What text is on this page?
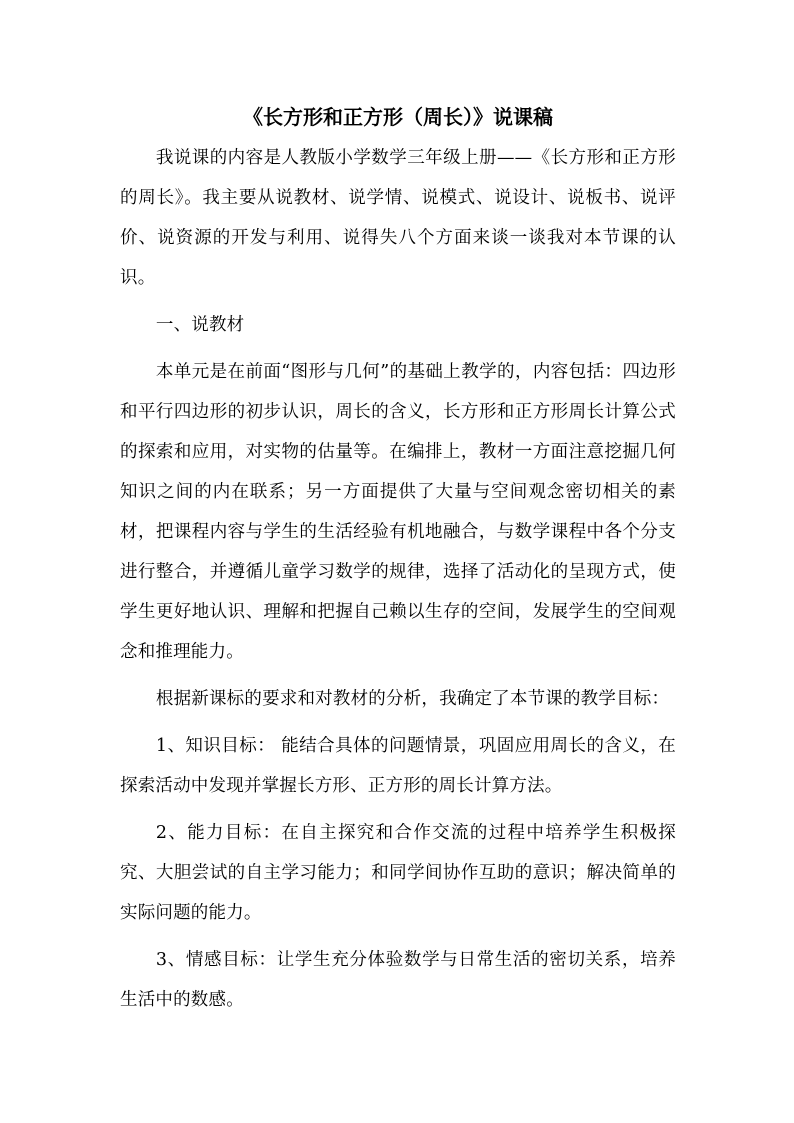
《长方形和正方形（周长）》说课稿

我说课的内容是人教版小学数学三年级上册——《长方形和正方形的周长》。我主要从说教材、说学情、说模式、说设计、说板书、说评价、说资源的开发与利用、说得失八个方面来谈一谈我对本节课的认识。

一、说教材

本单元是在前面“图形与几何”的基础上教学的，内容包括：四边形和平行四边形的初步认识，周长的含义，长方形和正方形周长计算公式的探索和应用，对实物的估量等。在编排上，教材一方面注意挖掘几何知识之间的内在联系；另一方面提供了大量与空间观念密切相关的素材，把课程内容与学生的生活经验有机地融合，与数学课程中各个分支进行整合，并遵循儿童学习数学的规律，选择了活动化的呈现方式，使学生更好地认识、理解和把握自己赖以生存的空间，发展学生的空间观念和推理能力。

根据新课标的要求和对教材的分析，我确定了本节课的教学目标：

1、知识目标： 能结合具体的问题情景，巩固应用周长的含义，在探索活动中发现并掌握长方形、正方形的周长计算方法。

2、能力目标：在自主探究和合作交流的过程中培养学生积极探究、大胆尝试的自主学习能力；和同学间协作互助的意识；解决简单的实际问题的能力。

3、情感目标：让学生充分体验数学与日常生活的密切关系，培养生活中的数感。
